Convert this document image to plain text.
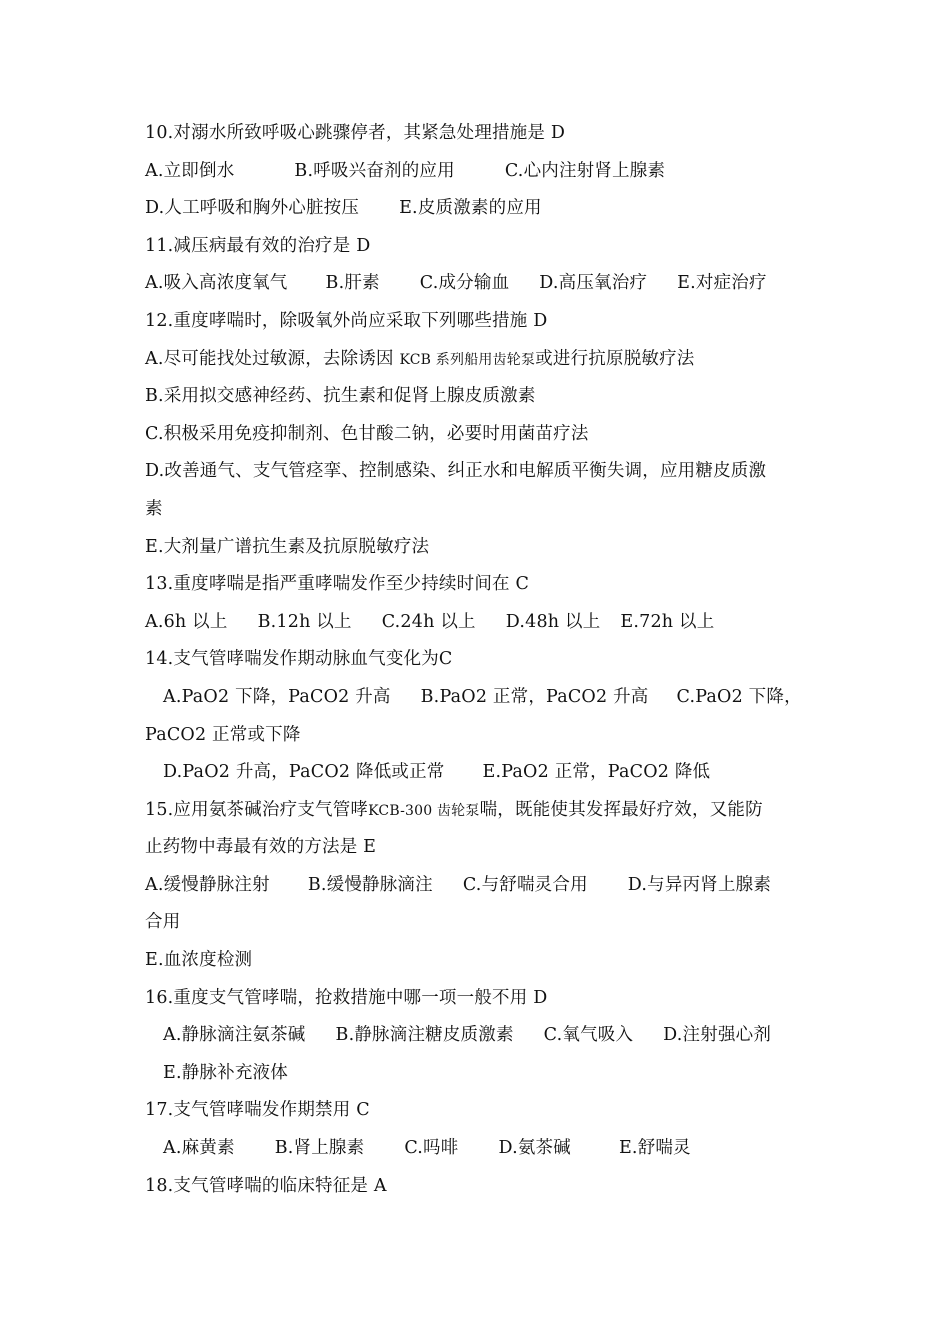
10.对溺水所致呼吸心跳骤停者，其紧急处理措施是 D
A.立即倒水	B.呼吸兴奋剂的应用	C.心内注射肾上腺素
D.人工呼吸和胸外心脏按压 E.皮质激素的应用
11.减压病最有效的治疗是 D
A.吸入高浓度氧气 B.肝素 C.成分输血 D.高压氧治疗 E.对症治疗
12.重度哮喘时，除吸氧外尚应采取下列哪些措施 D
A.尽可能找处过敏源，去除诱因 KCB 系列船用齿轮泵或进行抗原脱敏疗法
B.采用拟交感神经药、抗生素和促肾上腺皮质激素
C.积极采用免疫抑制剂、色甘酸二钠，必要时用菌苗疗法
D.改善通气、支气管痉挛、控制感染、纠正水和电解质平衡失调，应用糖皮质激
素
E.大剂量广谱抗生素及抗原脱敏疗法
13.重度哮喘是指严重哮喘发作至少持续时间在 C
A.6h 以上 B.12h 以上 C.24h 以上 D.48h 以上 E.72h 以上
14.支气管哮喘发作期动脉血气变化为C
A.PaO2 下降，PaCO2 升高 B.PaO2 正常，PaCO2 升高 C.PaO2 下降，
PaCO2 正常或下降
D.PaO2 升高，PaCO2 降低或正常 E.PaO2 正常，PaCO2 降低
15.应用氨茶碱治疗支气管哮KCB-300 齿轮泵喘，既能使其发挥最好疗效，又能防
止药物中毒最有效的方法是 E
A.缓慢静脉注射 B.缓慢静脉滴注 C.与舒喘灵合用 D.与异丙肾上腺素
合用
E.血浓度检测
16.重度支气管哮喘，抢救措施中哪一项一般不用 D
A.静脉滴注氨茶碱 B.静脉滴注糖皮质激素 C.氧气吸入 D.注射强心剂
E.静脉补充液体
17.支气管哮喘发作期禁用 C
A.麻黄素 B.肾上腺素 C.吗啡 D.氨茶碱	E.舒喘灵
18.支气管哮喘的临床特征是 A
